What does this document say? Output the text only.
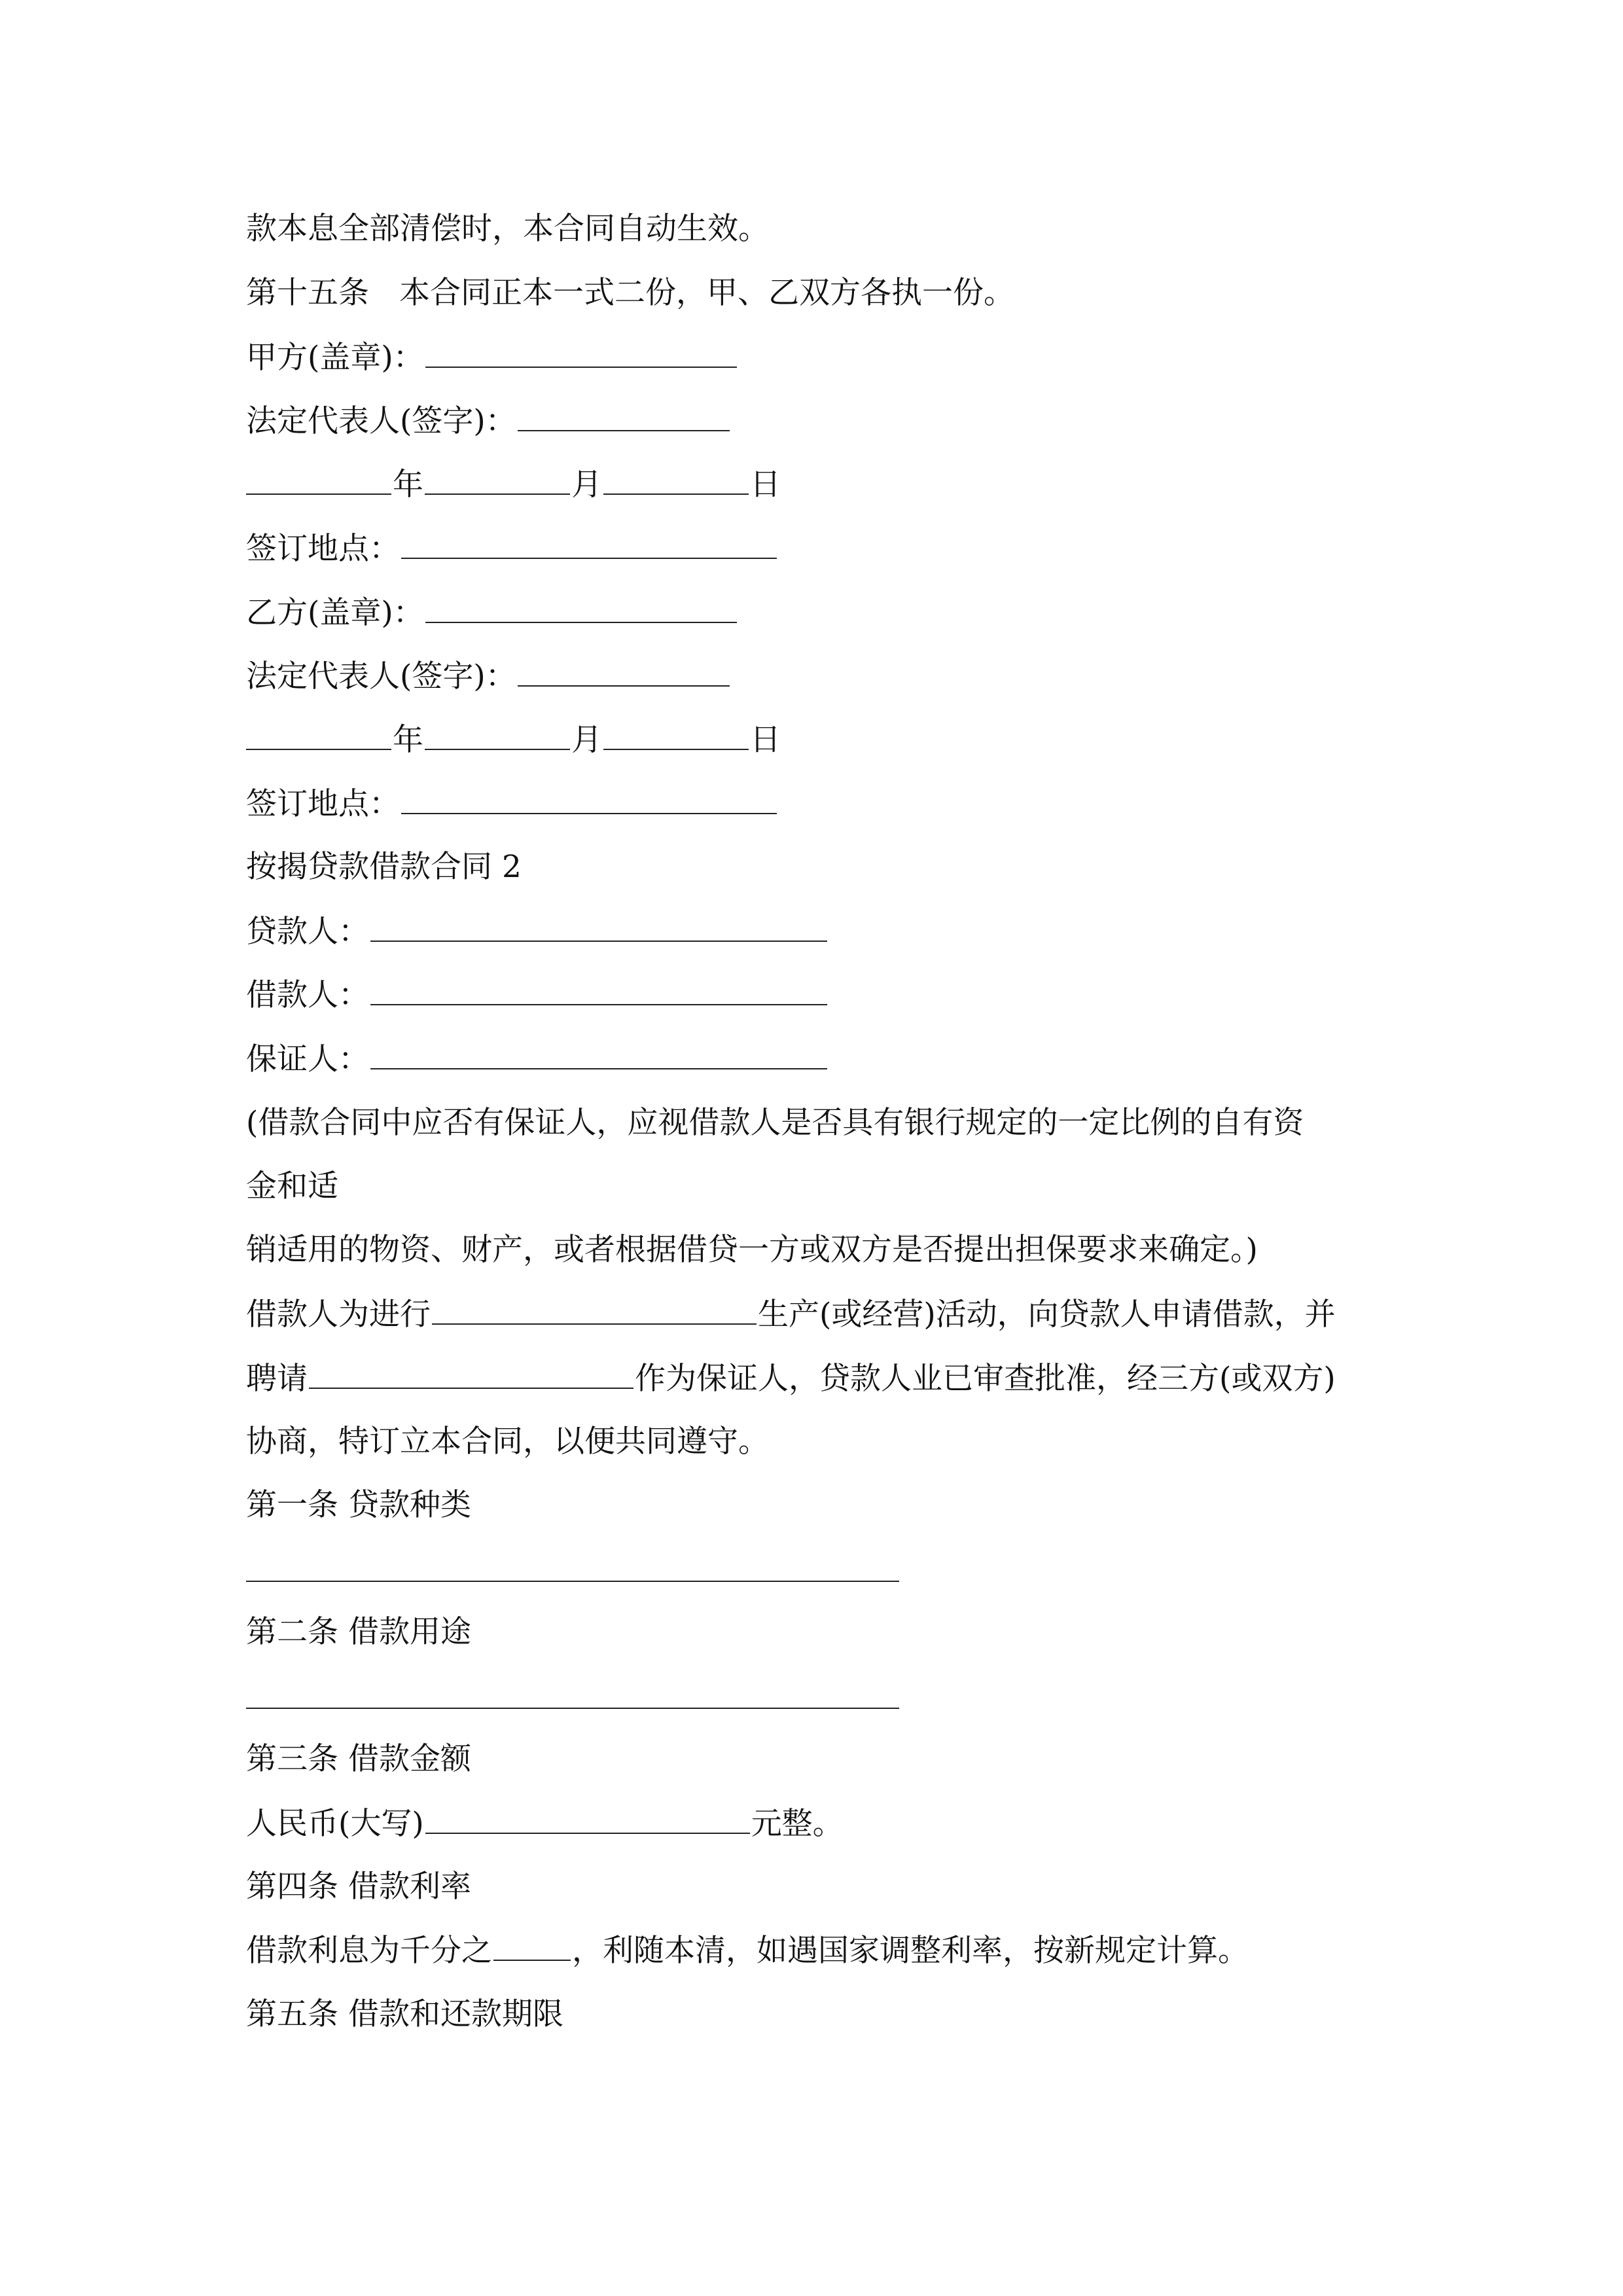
款本息全部清偿时，本合同自动生效。
第十五条 本合同正本一式二份，甲、乙双方各执一份。
甲方(盖章)：
法定代表人(签字)：
年	月	日
签订地点：
乙方(盖章)：
法定代表人(签字)：
年	月	日
签订地点：
按揭贷款借款合同 2
贷款人：
借款人：
保证人：
(借款合同中应否有保证人，应视借款人是否具有银行规定的一定比例的自有资
金和适
销适用的物资、财产，或者根据借贷一方或双方是否提出担保要求来确定。)
借款人为进行	生产(或经营)活动，向贷款人申请借款，并
聘请	作为保证人，贷款人业已审查批准，经三方(或双方)
协商，特订立本合同，以便共同遵守。
第一条 贷款种类
第二条 借款用途
第三条 借款金额
人民币(大写)	元整。
第四条 借款利率
借款利息为千分之	，利随本清，如遇国家调整利率，按新规定计算。
第五条 借款和还款期限
